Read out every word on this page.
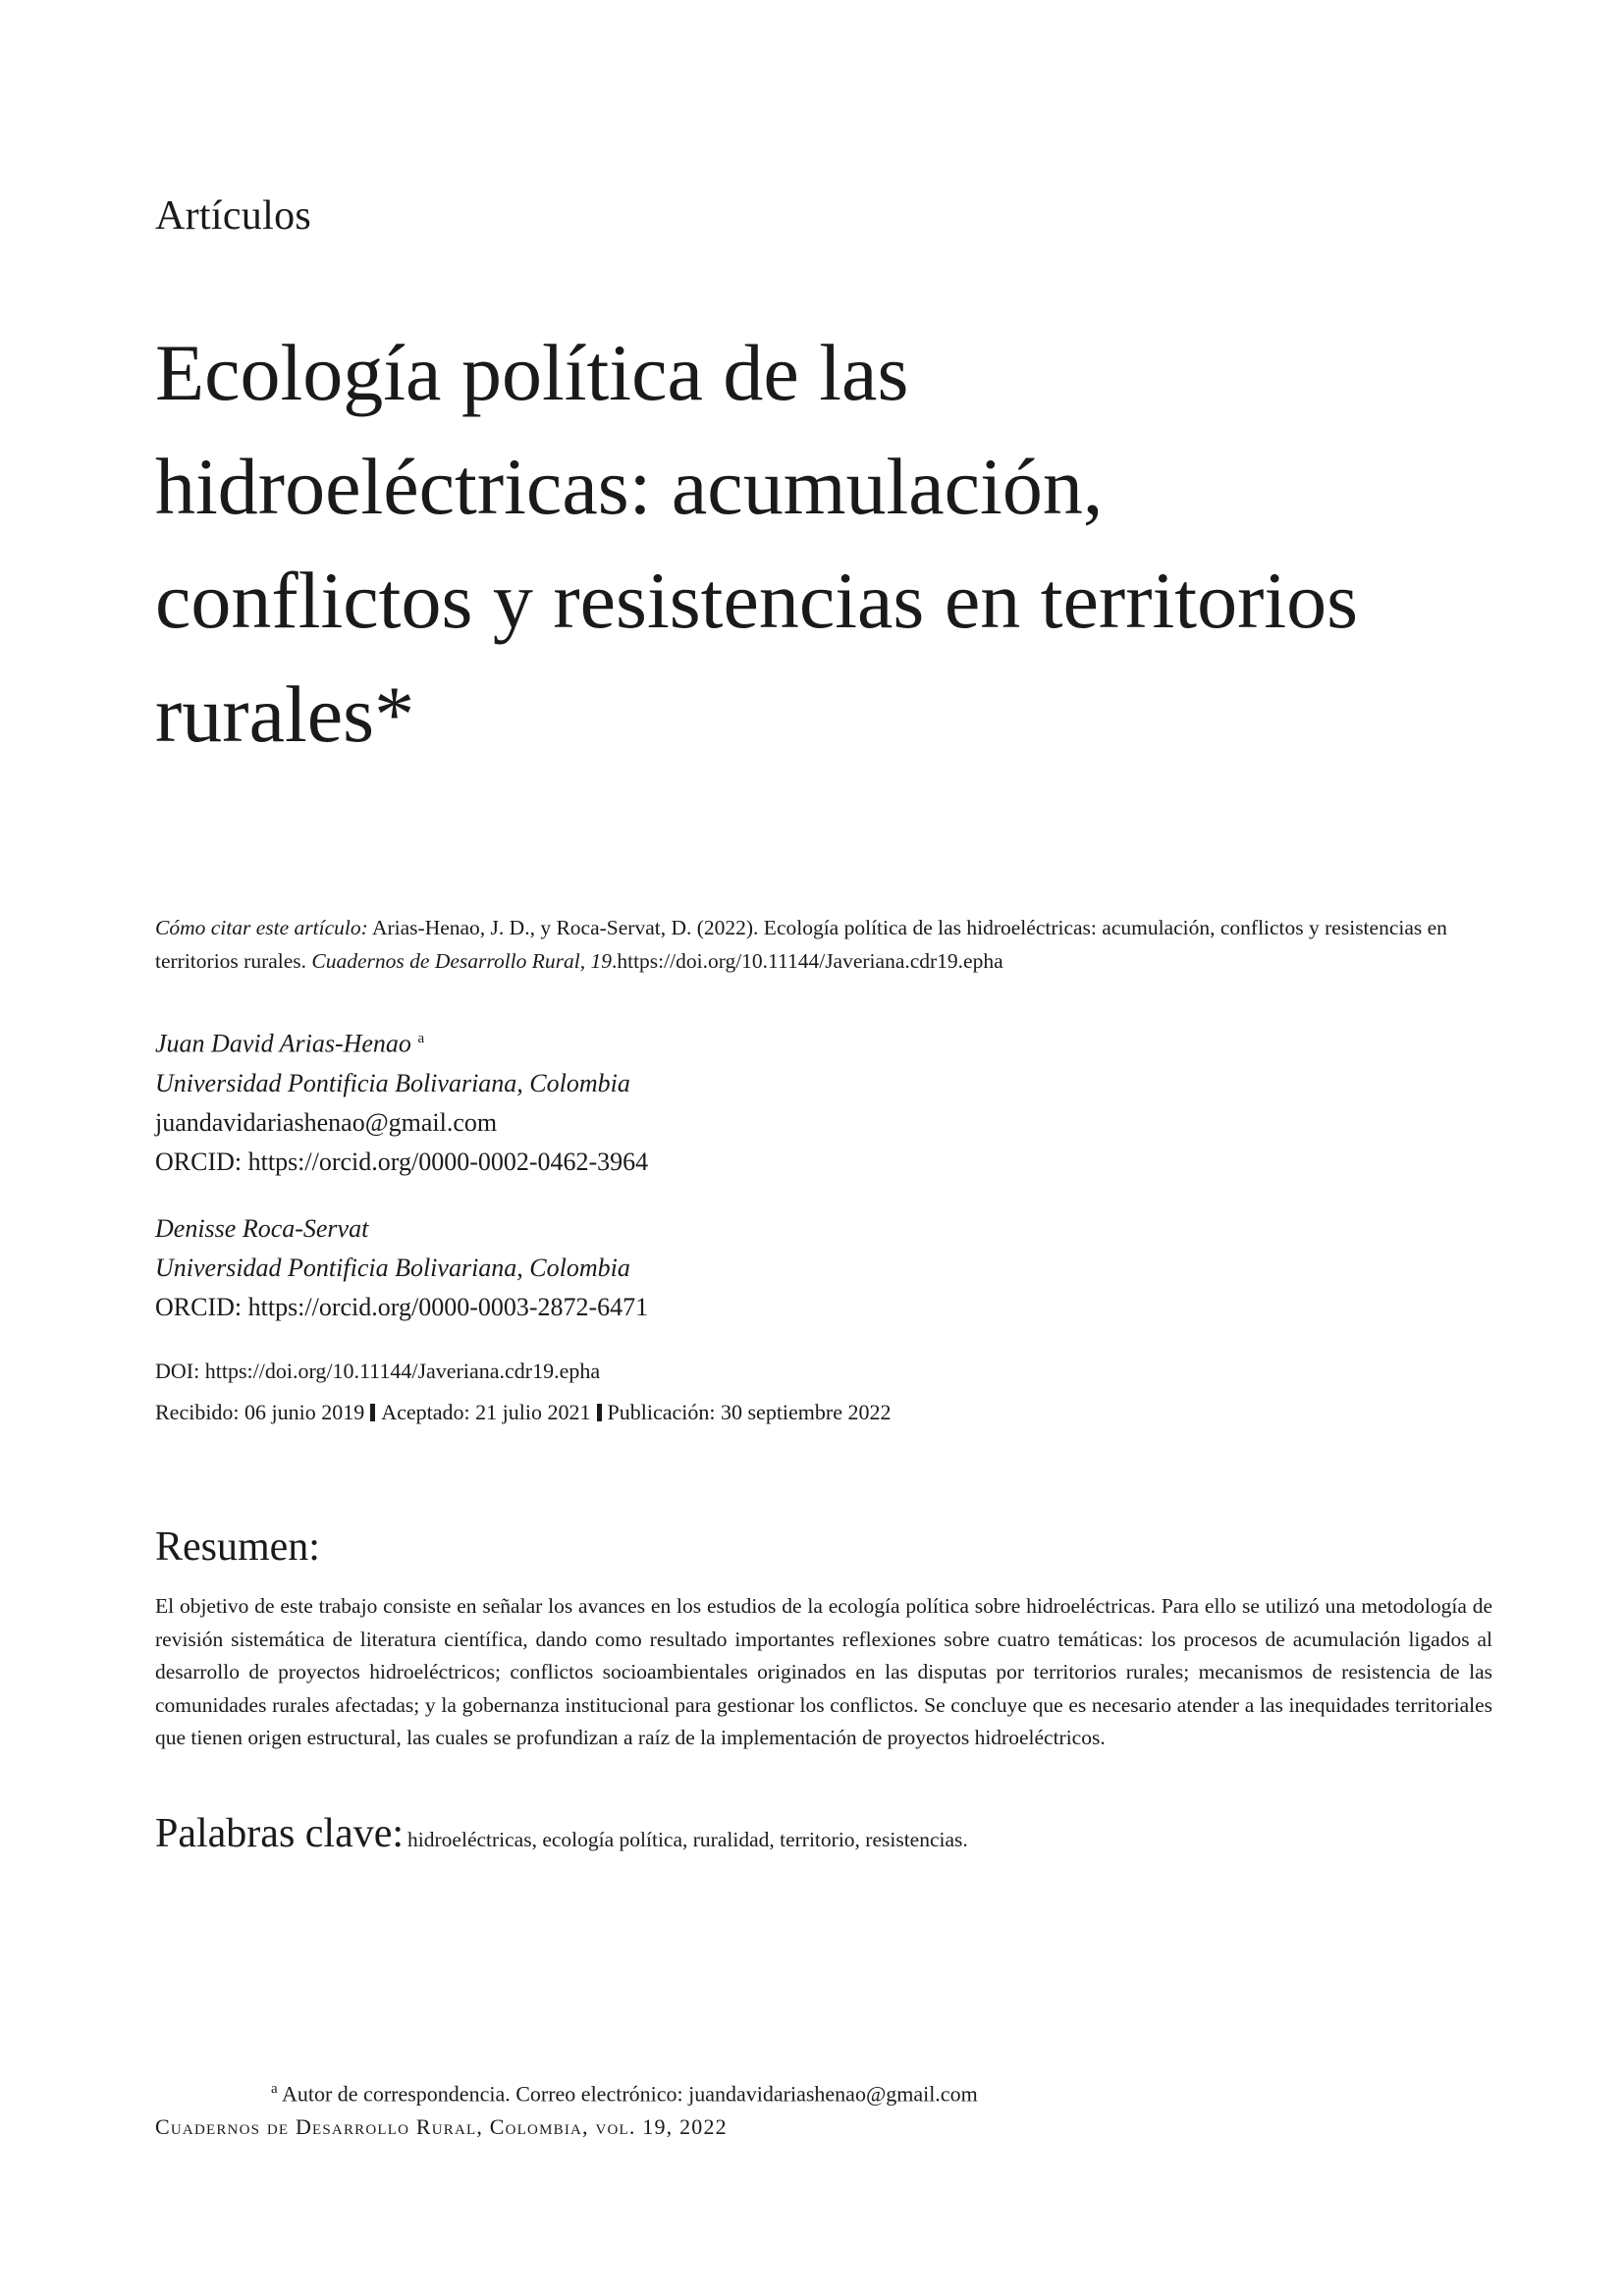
Artículos
Ecología política de las
hidroeléctricas: acumulación,
conflictos y resistencias en territorios
rurales*
Cómo citar este artículo: Arias-Henao, J. D., y Roca-Servat, D. (2022). Ecología política de las hidroeléctricas: acumulación, conflictos y resistencias en territorios rurales. Cuadernos de Desarrollo Rural, 19.https://doi.org/10.11144/Javeriana.cdr19.epha
Juan David Arias-Henao $^a$
Universidad Pontificia Bolivariana, Colombia
juandavidariashenao@gmail.com
ORCID: https://orcid.org/0000-0002-0462-3964
Denisse Roca-Servat
Universidad Pontificia Bolivariana, Colombia
ORCID: https://orcid.org/0000-0003-2872-6471
DOI: https://doi.org/10.11144/Javeriana.cdr19.epha
Recibido: 06 junio 2019 Aceptado: 21 julio 2021 Publicación: 30 septiembre 2022
Resumen:
El objetivo de este trabajo consiste en señalar los avances en los estudios de la ecología política sobre hidroeléctricas. Para ello se utilizó una metodología de revisión sistemática de literatura científica, dando como resultado importantes reflexiones sobre cuatro temáticas: los procesos de acumulación ligados al desarrollo de proyectos hidroeléctricos; conflictos socioambientales originados en las disputas por territorios rurales; mecanismos de resistencia de las comunidades rurales afectadas; y la gobernanza institucional para gestionar los conflictos. Se concluye que es necesario atender a las inequidades territoriales que tienen origen estructural, las cuales se profundizan a raíz de la implementación de proyectos hidroeléctricos.
Palabras clave: hidroeléctricas, ecología política, ruralidad, territorio, resistencias.
$^a$ Autor de correspondencia. Correo electrónico: juandavidariashenao@gmail.com
Cuadernos de Desarrollo Rural, Colombia, vol. 19, 2022
